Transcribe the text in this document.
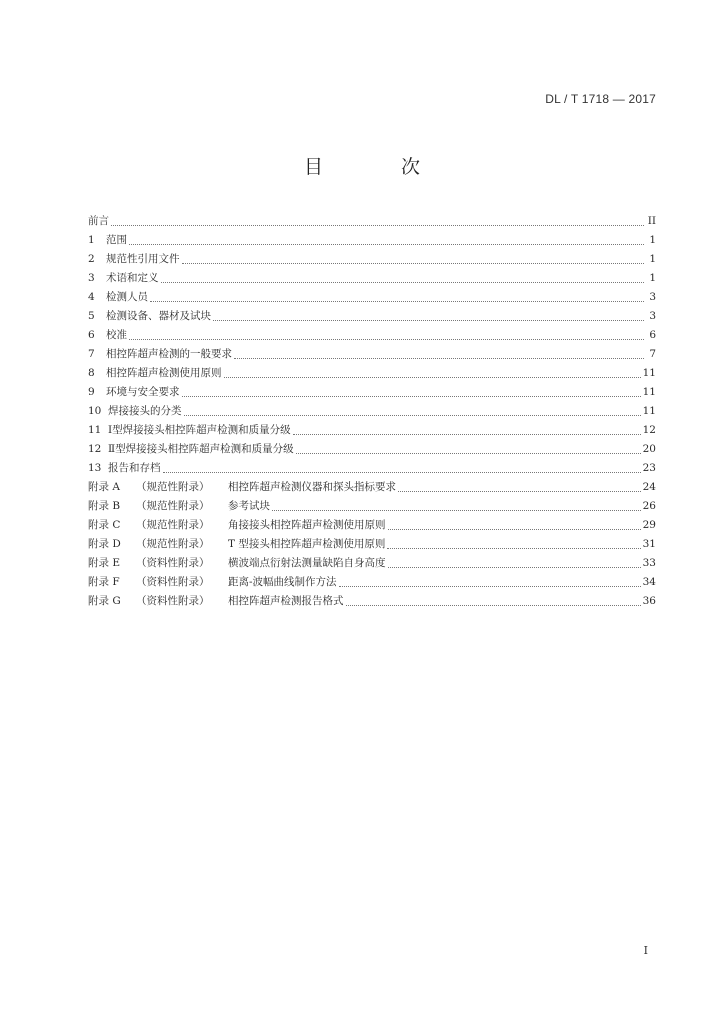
DL / T 1718 — 2017
目 次
前言	II
1	范围	1
2	规范性引用文件	1
3	术语和定义	1
4	检测人员	3
5	检测设备、器材及试块	3
6	校准	6
7	相控阵超声检测的一般要求	7
8	相控阵超声检测使用原则	11
9	环境与安全要求	11
10 焊接接头的分类	11
11 Ⅰ型焊接接头相控阵超声检测和质量分级	12
12 Ⅱ型焊接接头相控阵超声检测和质量分级	20
13 报告和存档	23
附录 A	（规范性附录）	相控阵超声检测仪器和探头指标要求	24
附录 B	（规范性附录）	参考试块	26
附录 C	（规范性附录）	角接接头相控阵超声检测使用原则	29
附录 D	（规范性附录）	T 型接头相控阵超声检测使用原则	31
附录 E	（资料性附录）	横波端点衍射法测量缺陷自身高度	33
附录 F	（资料性附录）	距离-波幅曲线制作方法	34
附录 G	（资料性附录）	相控阵超声检测报告格式	36
I
